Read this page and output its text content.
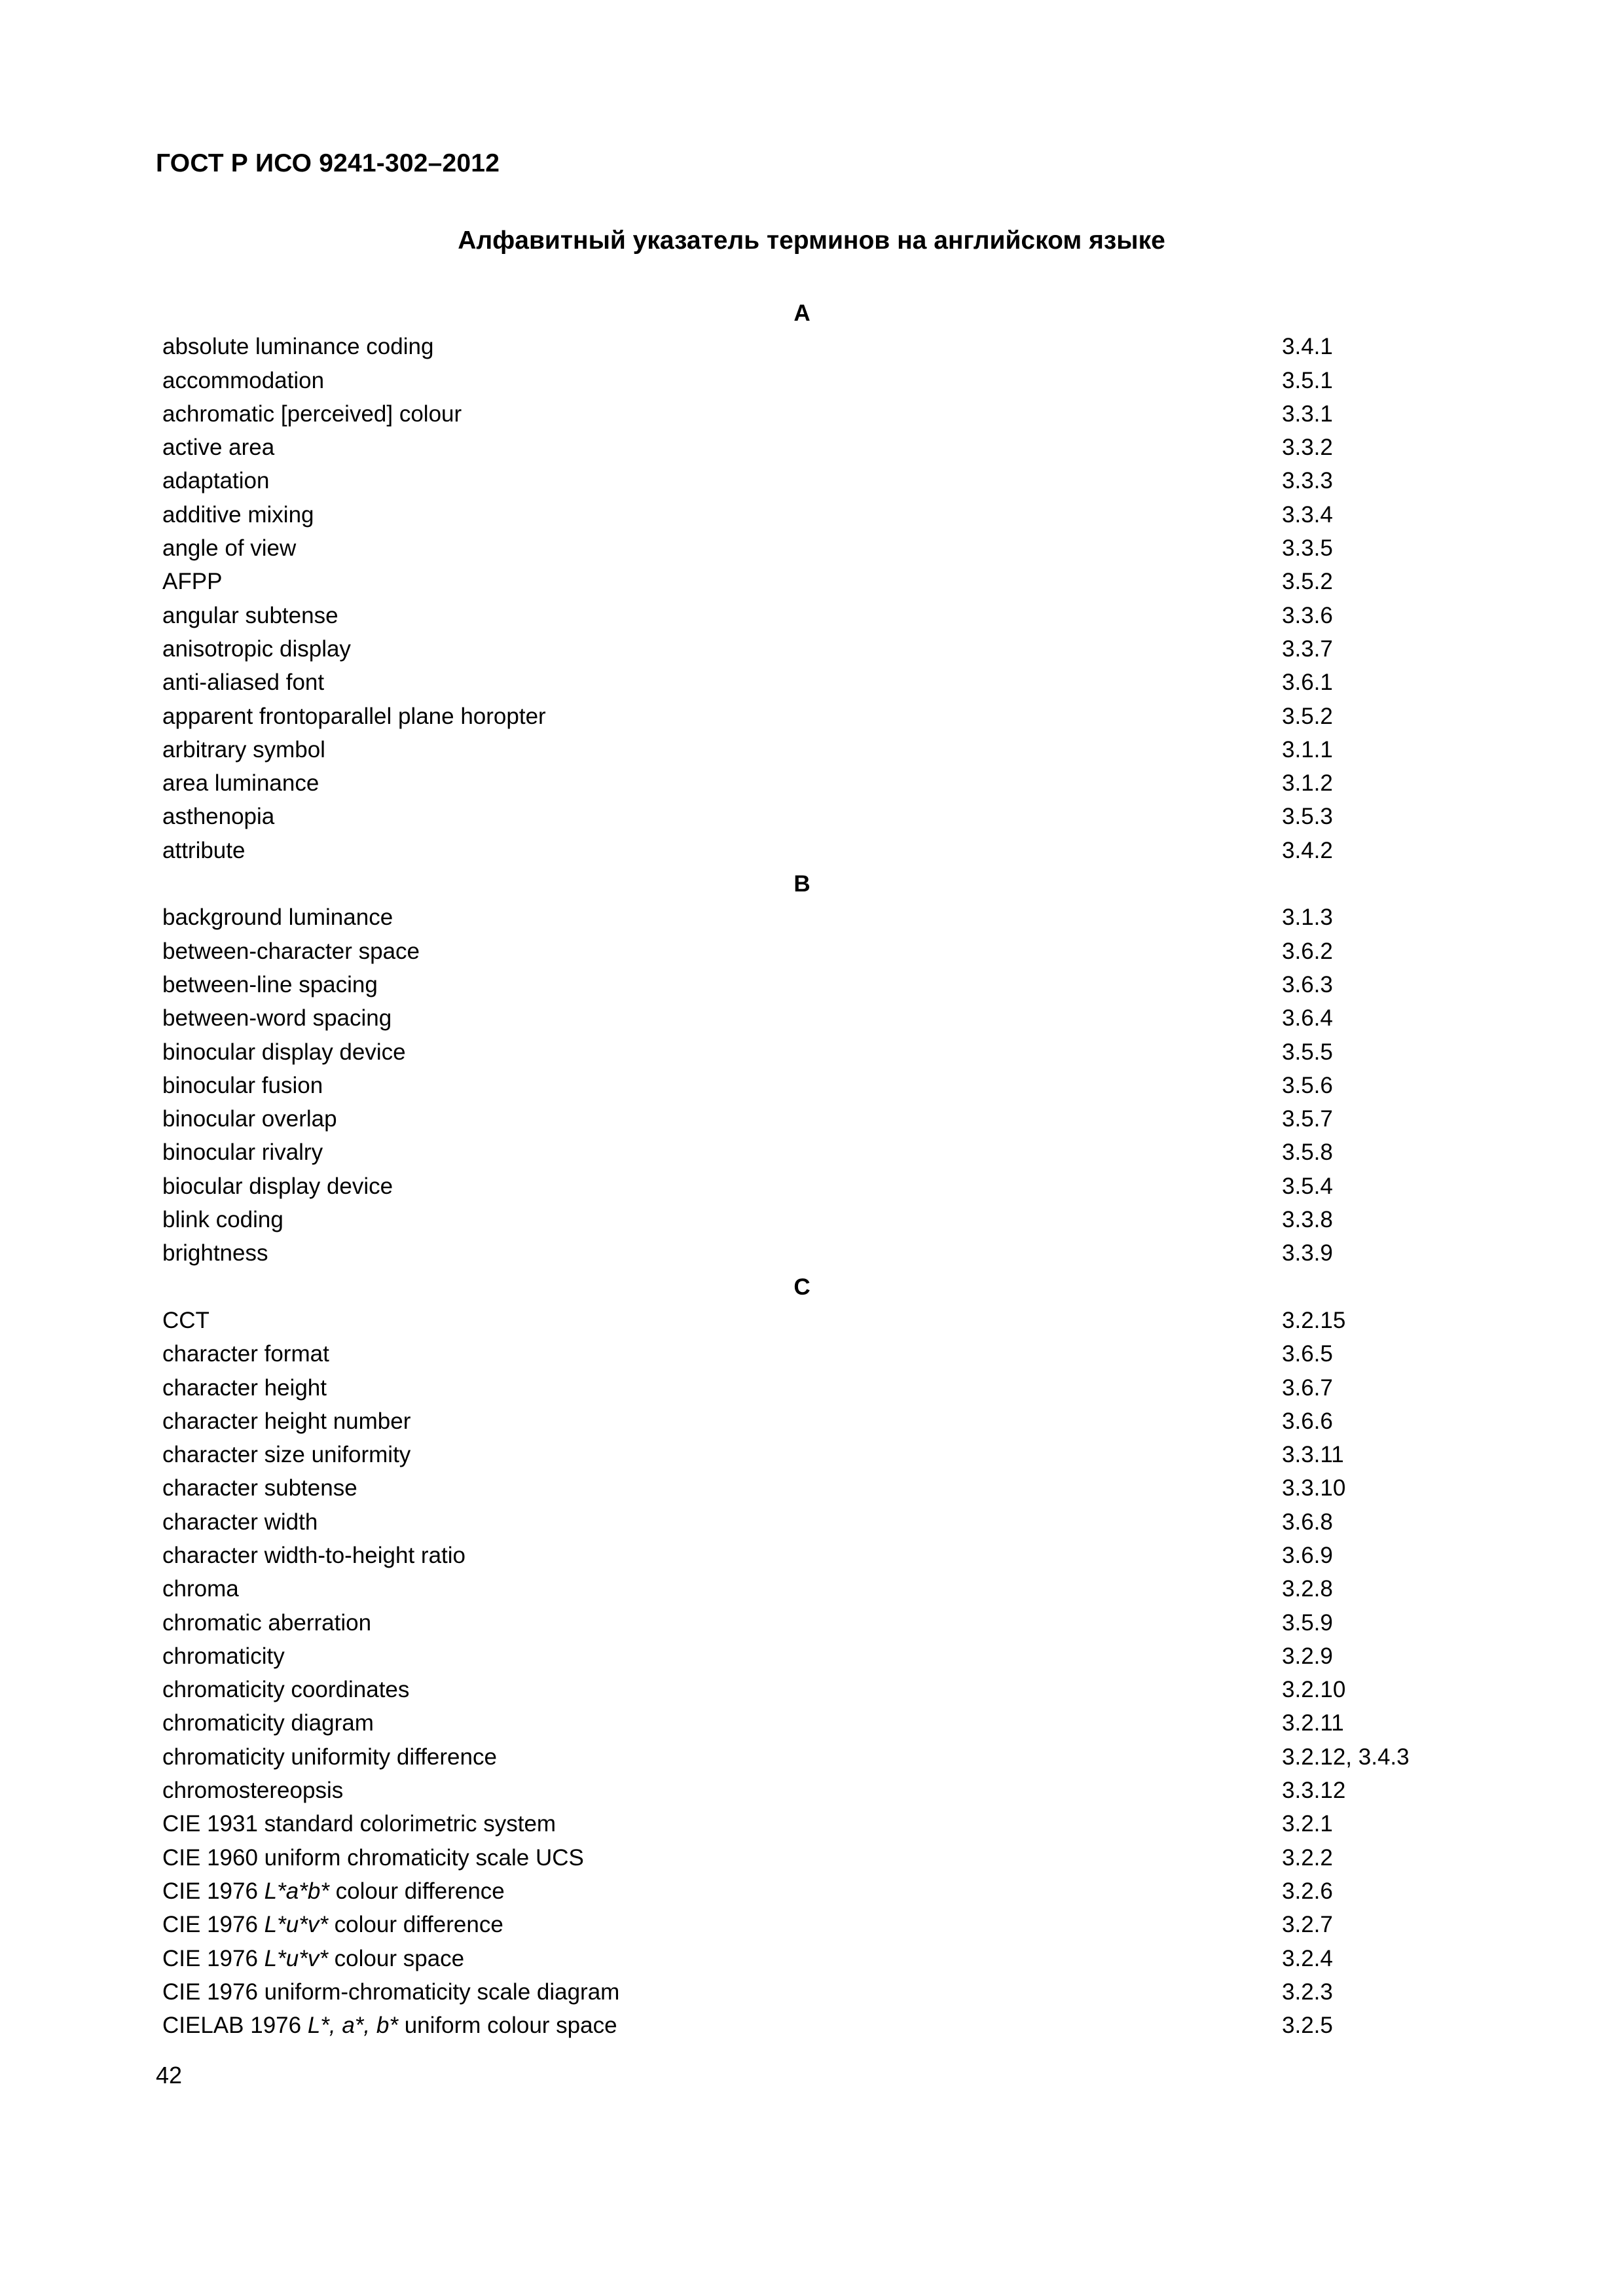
ГОСТ Р ИСО 9241-302–2012
Алфавитный указатель терминов на английском языке
A
absolute luminance coding	3.4.1
accommodation	3.5.1
achromatic [perceived] colour	3.3.1
active area	3.3.2
adaptation	3.3.3
additive mixing	3.3.4
angle of view	3.3.5
AFPP	3.5.2
angular subtense	3.3.6
anisotropic display	3.3.7
anti-aliased font	3.6.1
apparent frontoparallel plane horopter	3.5.2
arbitrary symbol	3.1.1
area luminance	3.1.2
asthenopia	3.5.3
attribute	3.4.2
B
background luminance	3.1.3
between-character space	3.6.2
between-line spacing	3.6.3
between-word spacing	3.6.4
binocular display device	3.5.5
binocular fusion	3.5.6
binocular overlap	3.5.7
binocular rivalry	3.5.8
biocular display device	3.5.4
blink coding	3.3.8
brightness	3.3.9
C
CCT	3.2.15
character format	3.6.5
character height	3.6.7
character height number	3.6.6
character size uniformity	3.3.11
character subtense	3.3.10
character width	3.6.8
character width-to-height ratio	3.6.9
chroma	3.2.8
chromatic aberration	3.5.9
chromaticity	3.2.9
chromaticity coordinates	3.2.10
chromaticity diagram	3.2.11
chromaticity uniformity difference	3.2.12, 3.4.3
chromostereopsis	3.3.12
CIE 1931 standard colorimetric system	3.2.1
CIE 1960 uniform chromaticity scale UCS	3.2.2
CIE 1976 L*a*b* colour difference	3.2.6
CIE 1976 L*u*v* colour difference	3.2.7
CIE 1976 L*u*v* colour space	3.2.4
CIE 1976 uniform-chromaticity scale diagram	3.2.3
CIELAB 1976 L*, a*, b* uniform colour space	3.2.5
42
